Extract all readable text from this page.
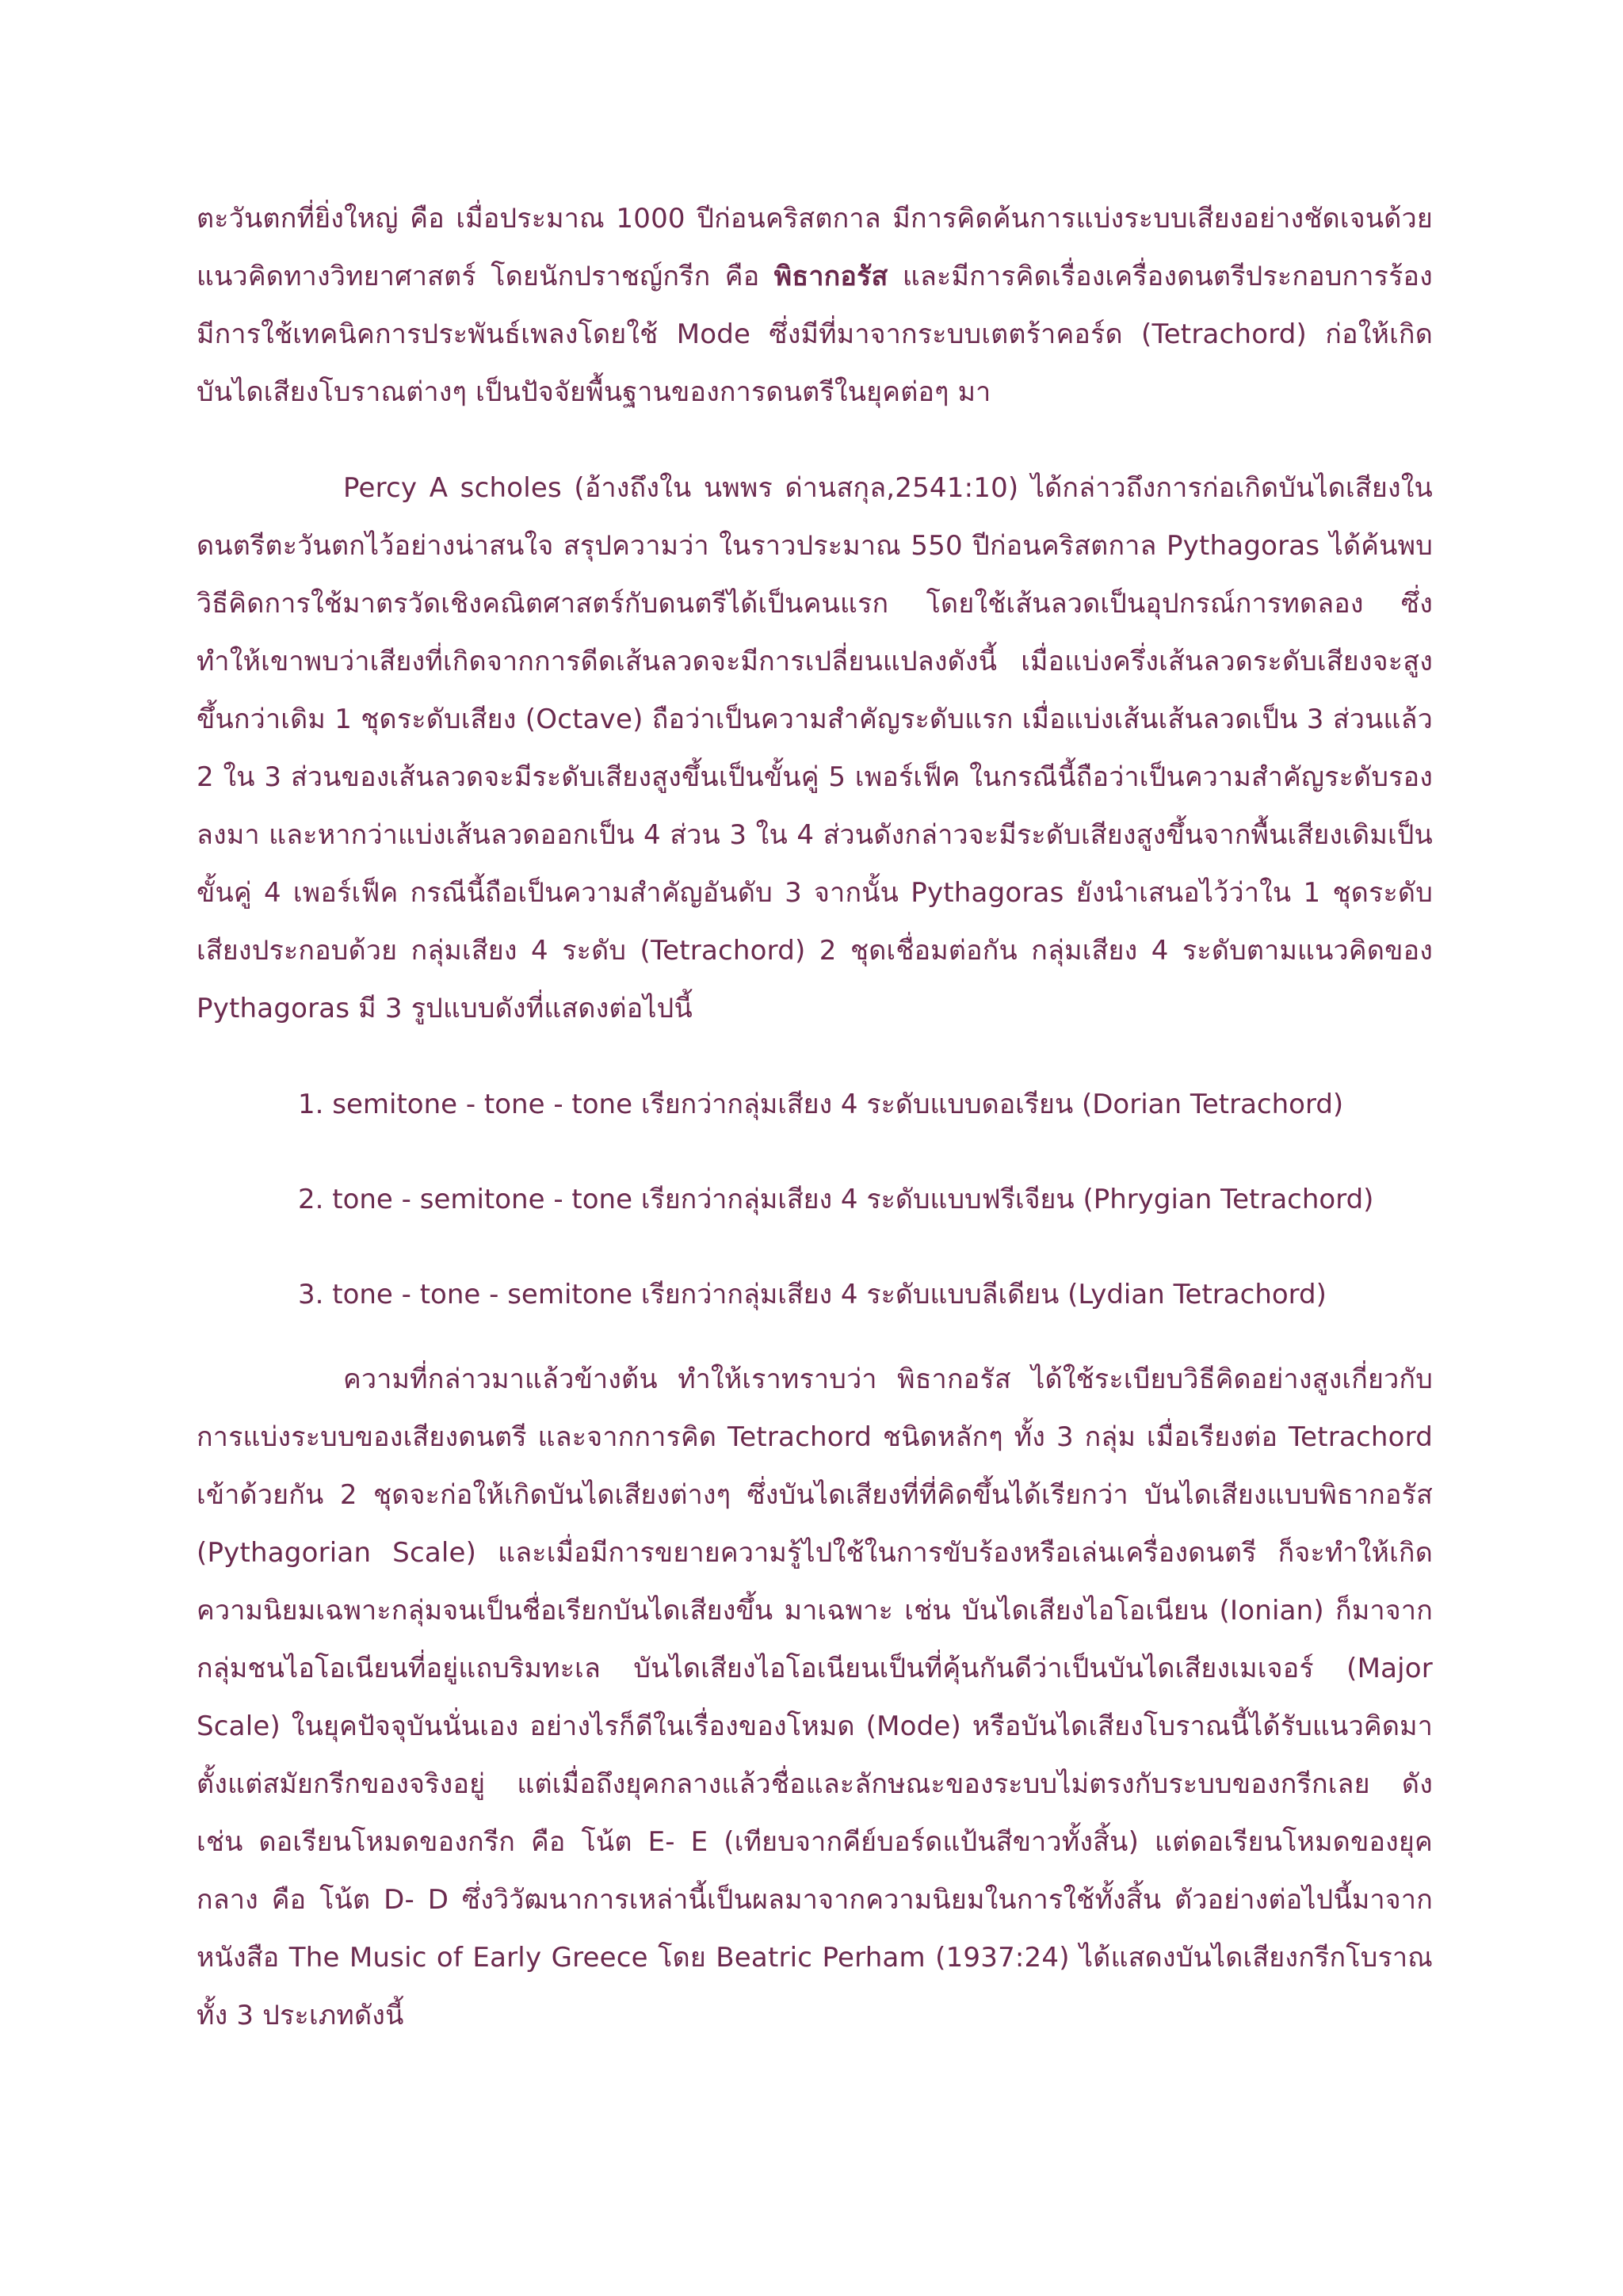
ตะวันตกที่ยิ่งใหญ่ คือ เมื่อประมาณ 1000 ปีก่อนคริสตกาล มีการคิดค้นการแบ่งระบบเสียงอย่างชัดเจนด้วยแนวคิดทางวิทยาศาสตร์ โดยนักปราชญ์กรีก คือ พิธากอรัส และมีการคิดเรื่องเครื่องดนตรีประกอบการร้อง มีการใช้เทคนิคการประพันธ์เพลงโดยใช้ Mode ซึ่งมีที่มาจากระบบเตตร้าคอร์ด (Tetrachord) ก่อให้เกิดบันไดเสียงโบราณต่างๆ เป็นปัจจัยพื้นฐานของการดนตรีในยุคต่อๆ มา

Percy A scholes (อ้างถึงใน นพพร ด่านสกุล,2541:10) ได้กล่าวถึงการก่อเกิดบันไดเสียงในดนตรีตะวันตกไว้อย่างน่าสนใจ สรุปความว่า ในราวประมาณ 550 ปีก่อนคริสตกาล Pythagoras ได้ค้นพบวิธีคิดการใช้มาตรวัดเชิงคณิตศาสตร์กับดนตรีได้เป็นคนแรก โดยใช้เส้นลวดเป็นอุปกรณ์การทดลอง ซึ่งทำให้เขาพบว่าเสียงที่เกิดจากการดีดเส้นลวดจะมีการเปลี่ยนแปลงดังนี้ เมื่อแบ่งครึ่งเส้นลวดระดับเสียงจะสูงขึ้นกว่าเดิม 1 ชุดระดับเสียง (Octave) ถือว่าเป็นความสำคัญระดับแรก เมื่อแบ่งเส้นเส้นลวดเป็น 3 ส่วนแล้ว 2 ใน 3 ส่วนของเส้นลวดจะมีระดับเสียงสูงขึ้นเป็นขั้นคู่ 5 เพอร์เฟ็ค ในกรณีนี้ถือว่าเป็นความสำคัญระดับรองลงมา และหากว่าแบ่งเส้นลวดออกเป็น 4 ส่วน 3 ใน 4 ส่วนดังกล่าวจะมีระดับเสียงสูงขึ้นจากพื้นเสียงเดิมเป็นขั้นคู่ 4 เพอร์เฟ็ค กรณีนี้ถือเป็นความสำคัญอันดับ 3 จากนั้น Pythagoras ยังนำเสนอไว้ว่าใน 1 ชุดระดับเสียงประกอบด้วย กลุ่มเสียง 4 ระดับ (Tetrachord) 2 ชุดเชื่อมต่อกัน กลุ่มเสียง 4 ระดับตามแนวคิดของ Pythagoras มี 3 รูปแบบดังที่แสดงต่อไปนี้

1. semitone - tone - tone เรียกว่ากลุ่มเสียง 4 ระดับแบบดอเรียน (Dorian Tetrachord)
2. tone - semitone - tone เรียกว่ากลุ่มเสียง 4 ระดับแบบฟรีเจียน (Phrygian Tetrachord)
3. tone - tone - semitone เรียกว่ากลุ่มเสียง 4 ระดับแบบลีเดียน (Lydian Tetrachord)

ความที่กล่าวมาแล้วข้างต้น ทำให้เราทราบว่า พิธากอรัส ได้ใช้ระเบียบวิธีคิดอย่างสูงเกี่ยวกับการแบ่งระบบของเสียงดนตรี และจากการคิด Tetrachord ชนิดหลักๆ ทั้ง 3 กลุ่ม เมื่อเรียงต่อ Tetrachord เข้าด้วยกัน 2 ชุดจะก่อให้เกิดบันไดเสียงต่างๆ ซึ่งบันไดเสียงที่ที่คิดขึ้นได้เรียกว่า บันไดเสียงแบบพิธากอรัส (Pythagorian Scale) และเมื่อมีการขยายความรู้ไปใช้ในการขับร้องหรือเล่นเครื่องดนตรี ก็จะทำให้เกิดความนิยมเฉพาะกลุ่มจนเป็นชื่อเรียกบันไดเสียงขึ้น มาเฉพาะ เช่น บันไดเสียงไอโอเนียน (Ionian) ก็มาจากกลุ่มชนไอโอเนียนที่อยู่แถบริมทะเล บันไดเสียงไอโอเนียนเป็นที่คุ้นกันดีว่าเป็นบันไดเสียงเมเจอร์ (Major Scale) ในยุคปัจจุบันนั่นเอง อย่างไรก็ดีในเรื่องของโหมด (Mode) หรือบันไดเสียงโบราณนี้ได้รับแนวคิดมาตั้งแต่สมัยกรีกของจริงอยู่ แต่เมื่อถึงยุคกลางแล้วชื่อและลักษณะของระบบไม่ตรงกับระบบของกรีกเลย ดังเช่น ดอเรียนโหมดของกรีก คือ โน้ต E- E (เทียบจากคีย์บอร์ดแป้นสีขาวทั้งสิ้น) แต่ดอเรียนโหมดของยุคกลาง คือ โน้ต D- D ซึ่งวิวัฒนาการเหล่านี้เป็นผลมาจากความนิยมในการใช้ทั้งสิ้น ตัวอย่างต่อไปนี้มาจากหนังสือ The Music of Early Greece โดย Beatric Perham (1937:24) ได้แสดงบันไดเสียงกรีกโบราณทั้ง 3 ประเภทดังนี้
